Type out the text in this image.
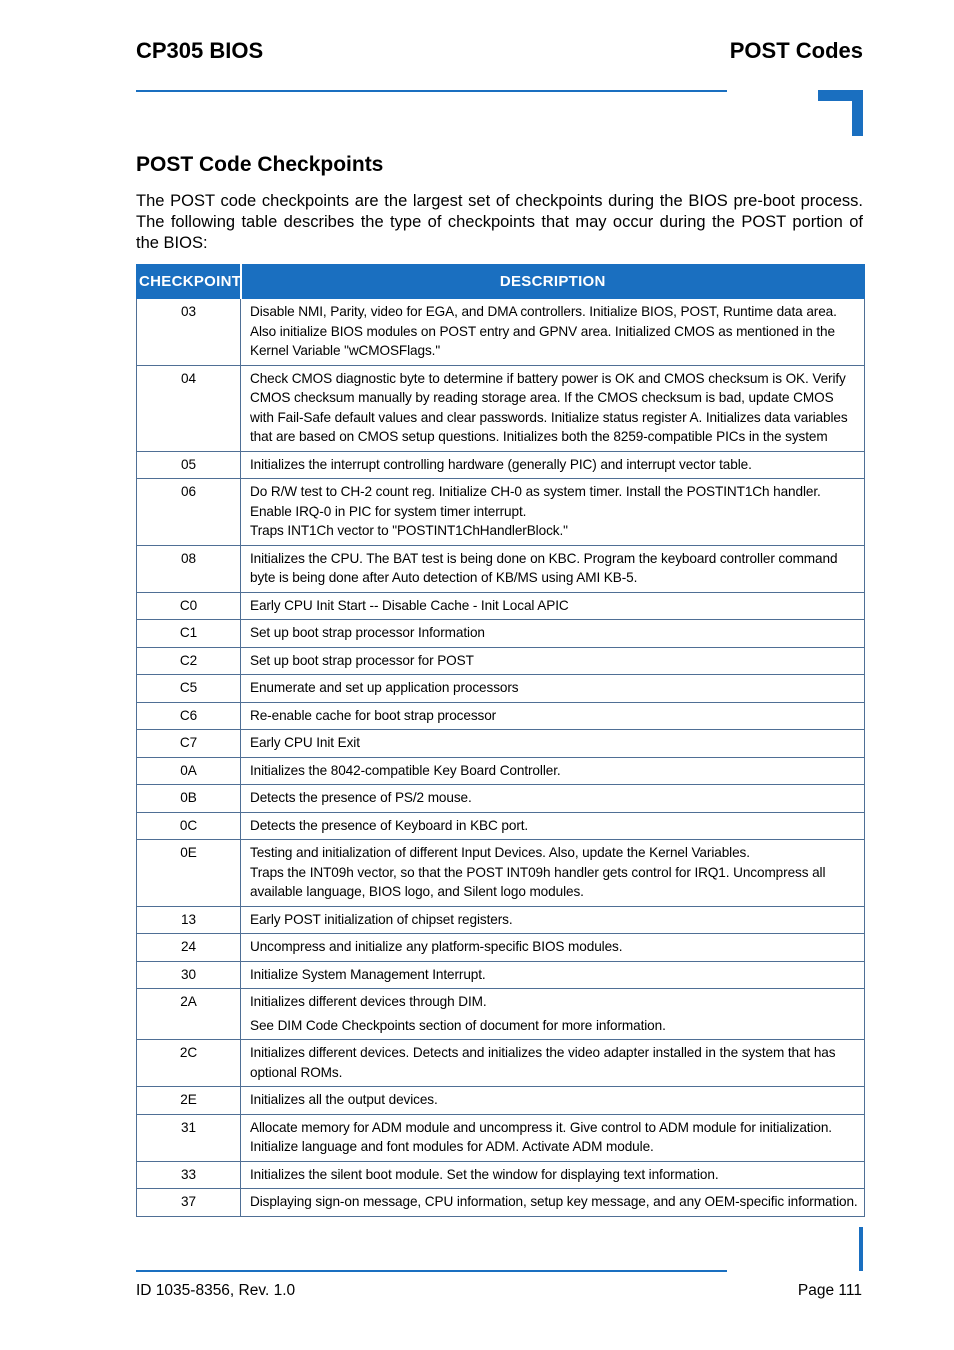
CP305 BIOS	POST Codes
POST Code Checkpoints

The POST code checkpoints are the largest set of checkpoints during the BIOS pre-boot process. The following table describes the type of checkpoints that may occur during the POST portion of the BIOS:

CHECKPOINT	DESCRIPTION
03	Disable NMI, Parity, video for EGA, and DMA controllers. Initialize BIOS, POST, Runtime data area. Also initialize BIOS modules on POST entry and GPNV area. Initialized CMOS as mentioned in the Kernel Variable "wCMOSFlags."

04	Check CMOS diagnostic byte to determine if battery power is OK and CMOS checksum is OK. Verify CMOS checksum manually by reading storage area. If the CMOS checksum is bad, update CMOS with Fail-Safe default values and clear passwords. Initialize status register A. Initializes data variables that are based on CMOS setup questions. Initializes both the 8259-compatible PICs in the system

05	Initializes the interrupt controlling hardware (generally PIC) and interrupt vector table.

06	Do R/W test to CH-2 count reg. Initialize CH-0 as system timer. Install the POSTINT1Ch handler. Enable IRQ-0 in PIC for system timer interrupt.
Traps INT1Ch vector to "POSTINT1ChHandlerBlock."

08	Initializes the CPU. The BAT test is being done on KBC. Program the keyboard controller command byte is being done after Auto detection of KB/MS using AMI KB-5.

C0	Early CPU Init Start -- Disable Cache - Init Local APIC

C1	Set up boot strap processor Information

C2	Set up boot strap processor for POST

C5	Enumerate and set up application processors

C6	Re-enable cache for boot strap processor

C7	Early CPU Init Exit

0A	Initializes the 8042-compatible Key Board Controller.

0B	Detects the presence of PS/2 mouse.

0C	Detects the presence of Keyboard in KBC port.

0E	Testing and initialization of different Input Devices. Also, update the Kernel Variables.
Traps the INT09h vector, so that the POST INT09h handler gets control for IRQ1. Uncompress all available language, BIOS logo, and Silent logo modules.

13	Early POST initialization of chipset registers.

24	Uncompress and initialize any platform-specific BIOS modules.

30	Initialize System Management Interrupt.

2A	Initializes different devices through DIM.
See DIM Code Checkpoints section of document for more information.

2C	Initializes different devices. Detects and initializes the video adapter installed in the system that has optional ROMs.

2E	Initializes all the output devices.

31	Allocate memory for ADM module and uncompress it. Give control to ADM module for initialization. Initialize language and font modules for ADM. Activate ADM module.

33	Initializes the silent boot module. Set the window for displaying text information.

37	Displaying sign-on message, CPU information, setup key message, and any OEM-specific information.
ID 1035-8356, Rev. 1.0	Page 111
